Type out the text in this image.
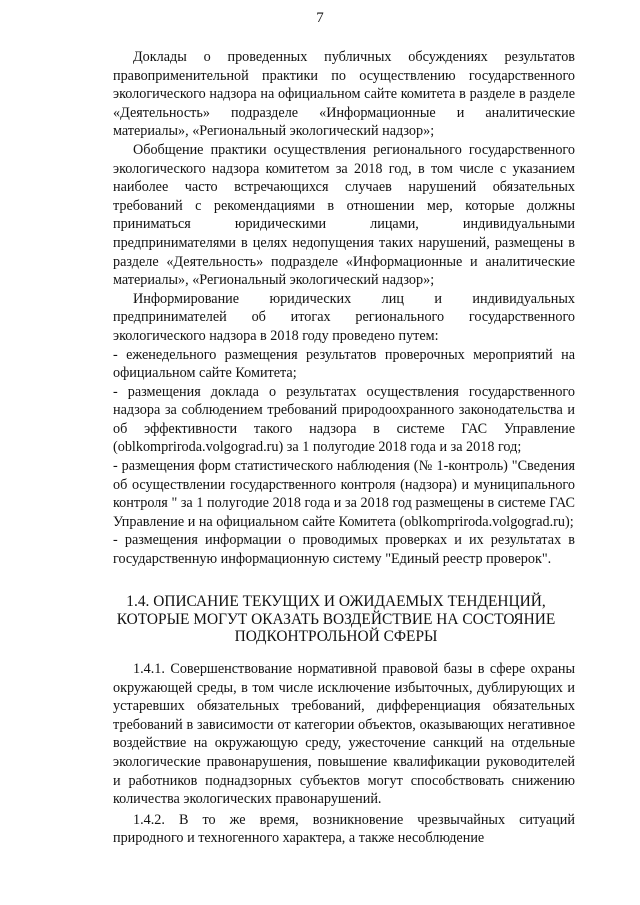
7

Доклады о проведенных публичных обсуждениях результатов правоприменительной практики по осуществлению государственного экологического надзора на официальном сайте комитета в разделе в разделе «Деятельность» подразделе «Информационные и аналитические материалы», «Региональный экологический надзор»;

Обобщение практики осуществления регионального государственного экологического надзора комитетом за 2018 год, в том числе с указанием наиболее часто встречающихся случаев нарушений обязательных требований с рекомендациями в отношении мер, которые должны приниматься юридическими лицами, индивидуальными предпринимателями в целях недопущения таких нарушений, размещены в разделе «Деятельность» подразделе «Информационные и аналитические материалы», «Региональный экологический надзор»;

Информирование юридических лиц и индивидуальных предпринимателей об итогах регионального государственного экологического надзора в 2018 году проведено путем:

- еженедельного размещения результатов проверочных мероприятий на официальном сайте Комитета;

- размещения доклада о результатах осуществления государственного надзора за соблюдением требований природоохранного законодательства и об эффективности такого надзора в системе ГАС Управление (oblkompriroda.volgograd.ru) за 1 полугодие 2018 года и за 2018 год;

- размещения форм статистического наблюдения (№ 1-контроль) "Сведения об осуществлении государственного контроля (надзора) и муниципального контроля " за 1 полугодие 2018 года и за 2018 год размещены в системе ГАС Управление и на официальном сайте Комитета (oblkompriroda.volgograd.ru);

- размещения информации о проводимых проверках и их результатах в государственную информационную систему "Единый реестр проверок".

1.4. ОПИСАНИЕ ТЕКУЩИХ И ОЖИДАЕМЫХ ТЕНДЕНЦИЙ, КОТОРЫЕ МОГУТ ОКАЗАТЬ ВОЗДЕЙСТВИЕ НА СОСТОЯНИЕ ПОДКОНТРОЛЬНОЙ СФЕРЫ

1.4.1. Совершенствование нормативной правовой базы в сфере охраны окружающей среды, в том числе исключение избыточных, дублирующих и устаревших обязательных требований, дифференциация обязательных требований в зависимости от категории объектов, оказывающих негативное воздействие на окружающую среду, ужесточение санкций на отдельные экологические правонарушения, повышение квалификации руководителей и работников поднадзорных субъектов могут способствовать снижению количества экологических правонарушений.

1.4.2. В то же время, возникновение чрезвычайных ситуаций природного и техногенного характера, а также несоблюдение
